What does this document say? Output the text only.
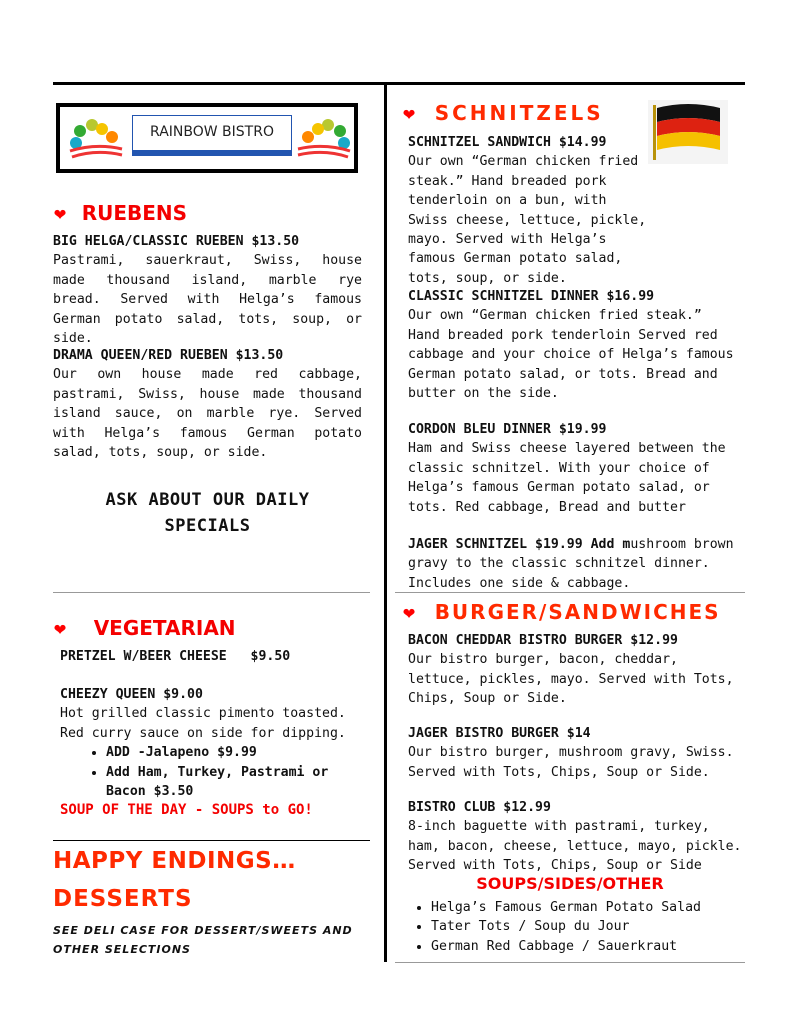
RAINBOW BISTRO
❤ RUEBENS
BIG HELGA/CLASSIC RUEBEN $13.50
Pastrami, sauerkraut, Swiss, house made thousand island, marble rye bread. Served with Helga’s famous German potato salad, tots, soup, or side.
DRAMA QUEEN/RED RUEBEN $13.50
Our own house made red cabbage, pastrami, Swiss, house made thousand island sauce, on marble rye. Served with Helga’s famous German potato salad, tots, soup, or side.
ASK ABOUT OUR DAILY SPECIALS
❤ VEGETARIAN
PRETZEL W/BEER CHEESE   $9.50
CHEEZY QUEEN $9.00
Hot grilled classic pimento toasted. Red curry sauce on side for dipping.
• ADD -Jalapeno $9.99
• Add Ham, Turkey, Pastrami or Bacon $3.50
SOUP OF THE DAY - SOUPS to GO!
HAPPY ENDINGS…
DESSERTS
SEE DELI CASE FOR DESSERT/SWEETS AND OTHER SELECTIONS
❤ SCHNITZELS
SCHNITZEL SANDWICH $14.99
Our own “German chicken fried steak.” Hand breaded pork tenderloin on a bun, with Swiss cheese, lettuce, pickle, mayo. Served with Helga’s famous German potato salad, tots, soup, or side.
CLASSIC SCHNITZEL DINNER $16.99
Our own “German chicken fried steak.” Hand breaded pork tenderloin Served red cabbage and your choice of Helga’s famous German potato salad, or tots. Bread and butter on the side.
CORDON BLEU DINNER $19.99
Ham and Swiss cheese layered between the classic schnitzel. With your choice of Helga’s famous German potato salad, or tots. Red cabbage, Bread and butter
JAGER SCHNITZEL $19.99 Add mushroom brown gravy to the classic schnitzel dinner. Includes one side & cabbage.
❤ BURGER/SANDWICHES
BACON CHEDDAR BISTRO BURGER $12.99
Our bistro burger, bacon, cheddar, lettuce, pickles, mayo. Served with Tots, Chips, Soup or Side.
JAGER BISTRO BURGER $14
Our bistro burger, mushroom gravy, Swiss. Served with Tots, Chips, Soup or Side.
BISTRO CLUB $12.99
8-inch baguette with pastrami, turkey, ham, bacon, cheese, lettuce, mayo, pickle. Served with Tots, Chips, Soup or Side
SOUPS/SIDES/OTHER
• Helga’s Famous German Potato Salad
• Tater Tots / Soup du Jour
• German Red Cabbage / Sauerkraut
